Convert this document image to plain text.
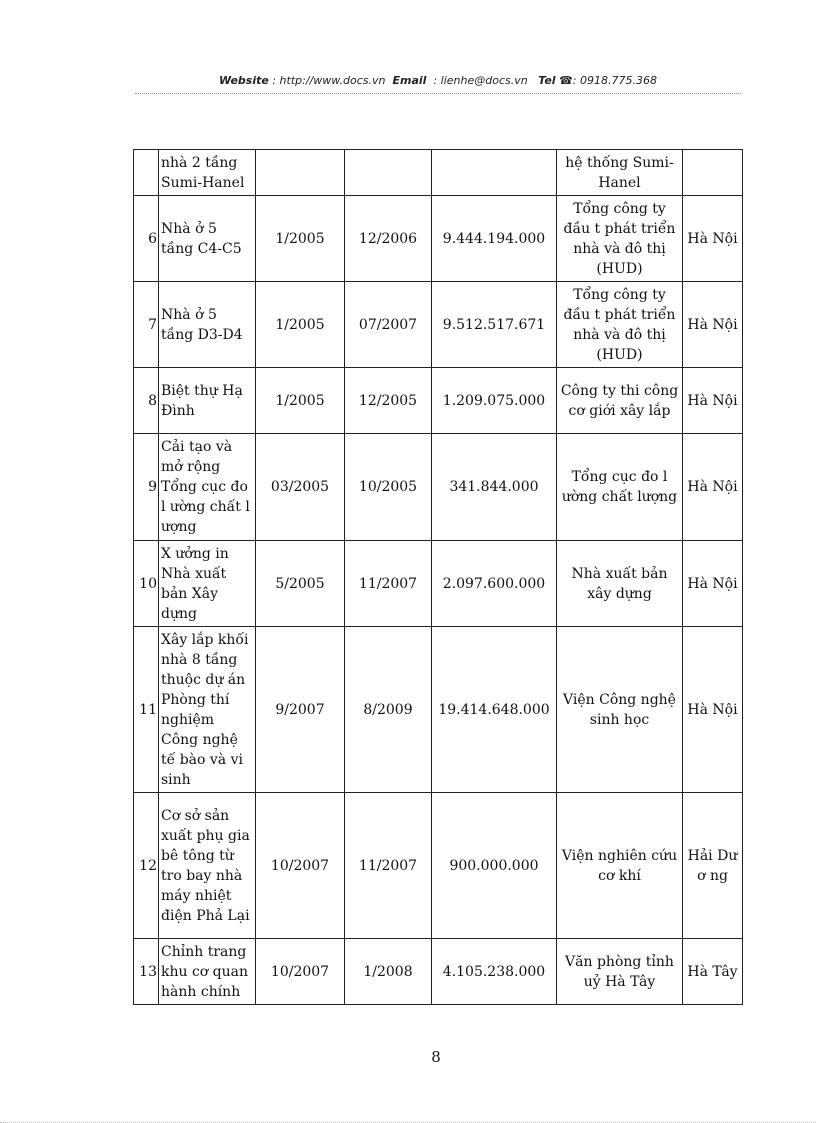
Website : http://www.docs.vn Email : lienhe@docs.vn Tel ☎: 0918.775.368
	nhà 2 tầng Sumi-Hanel				hệ thống Sumi-Hanel	
6	Nhà ở 5 tầng C4-C5	1/2005	12/2006	9.444.194.000	Tổng công ty đầu t phát triển nhà và đô thị (HUD)	Hà Nội
7	Nhà ở 5 tầng D3-D4	1/2005	07/2007	9.512.517.671	Tổng công ty đầu t phát triển nhà và đô thị (HUD)	Hà Nội
8	Biệt thự Hạ Đình	1/2005	12/2005	1.209.075.000	Công ty thi công cơ giới xây lắp	Hà Nội
9	Cải tạo và mở rộng Tổng cục đo l ường chất l ượng	03/2005	10/2005	341.844.000	Tổng cục đo l ường chất lượng	Hà Nội
10	X ưởng in Nhà xuất bản Xây dựng	5/2005	11/2007	2.097.600.000	Nhà xuất bản xây dựng	Hà Nội
11	Xây lắp khối nhà 8 tầng thuộc dự án Phòng thí nghiệm Công nghệ tế bào và vi sinh	9/2007	8/2009	19.414.648.000	Viện Công nghệ sinh học	Hà Nội
12	Cơ sở sản xuất phụ gia bê tông từ tro bay nhà máy nhiệt điện Phả Lại	10/2007	11/2007	900.000.000	Viện nghiên cứu cơ khí	Hải Dư ơ ng
13	Chỉnh trang khu cơ quan hành chính	10/2007	1/2008	4.105.238.000	Văn phòng tỉnh uỷ Hà Tây	Hà Tây
8
